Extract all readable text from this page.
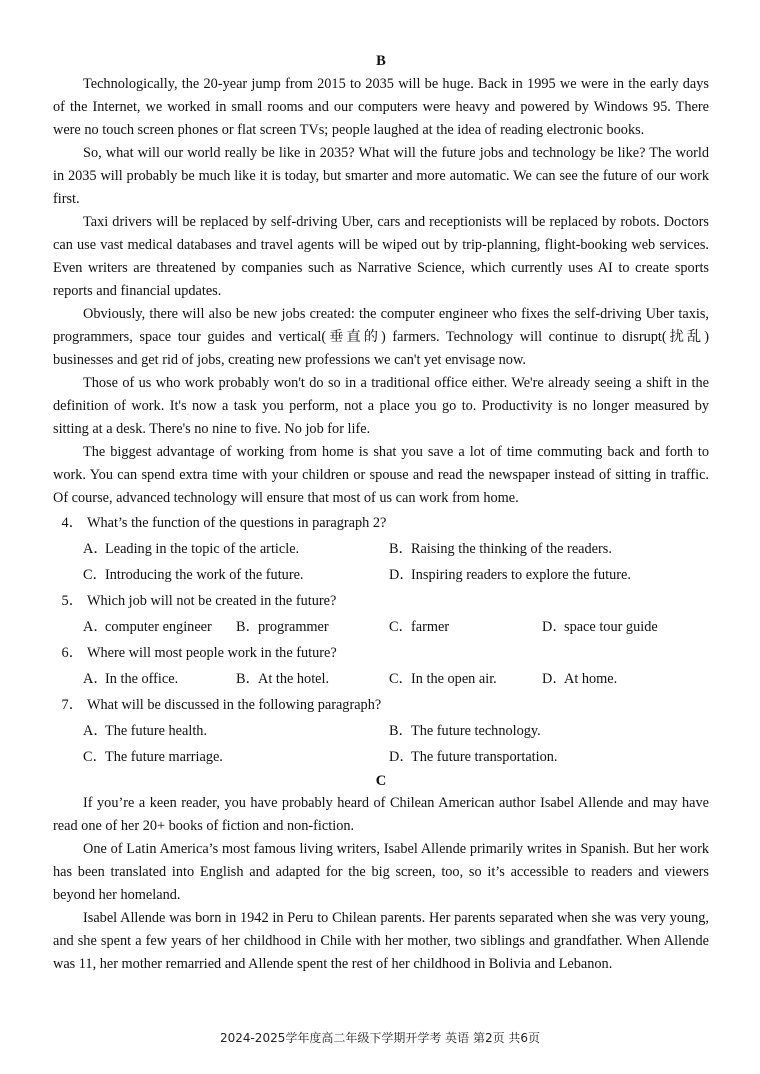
B

Technologically, the 20-year jump from 2015 to 2035 will be huge. Back in 1995 we were in the early days of the Internet, we worked in small rooms and our computers were heavy and powered by Windows 95. There were no touch screen phones or flat screen TVs; people laughed at the idea of reading electronic books.

So, what will our world really be like in 2035? What will the future jobs and technology be like? The world in 2035 will probably be much like it is today, but smarter and more automatic. We can see the future of our work first.

Taxi drivers will be replaced by self-driving Uber, cars and receptionists will be replaced by robots. Doctors can use vast medical databases and travel agents will be wiped out by trip-planning, flight-booking web services. Even writers are threatened by companies such as Narrative Science, which currently uses AI to create sports reports and financial updates.

Obviously, there will also be new jobs created: the computer engineer who fixes the self-driving Uber taxis, programmers, space tour guides and vertical(垂直的) farmers. Technology will continue to disrupt(扰乱) businesses and get rid of jobs, creating new professions we can't yet envisage now.

Those of us who work probably won't do so in a traditional office either. We're already seeing a shift in the definition of work. It's now a task you perform, not a place you go to. Productivity is no longer measured by sitting at a desk. There's no nine to five. No job for life.

The biggest advantage of working from home is shat you save a lot of time commuting back and forth to work. You can spend extra time with your children or spouse and read the newspaper instead of sitting in traffic. Of course, advanced technology will ensure that most of us can work from home.

4． What’s the function of the questions in paragraph 2?
A．Leading in the topic of the article.	B．Raising the thinking of the readers.
C．Introducing the work of the future.	D．Inspiring readers to explore the future.
5． Which job will not be created in the future?
A．computer engineer	B．programmer	C．farmer	D．space tour guide
6． Where will most people work in the future?
A．In the office.	B．At the hotel.	C．In the open air.	D．At home.
7． What will be discussed in the following paragraph?
A．The future health.	B．The future technology.
C．The future marriage.	D．The future transportation.
C

If you’re a keen reader, you have probably heard of Chilean American author Isabel Allende and may have read one of her 20+ books of fiction and non-fiction.

One of Latin America’s most famous living writers, Isabel Allende primarily writes in Spanish. But her work has been translated into English and adapted for the big screen, too, so it’s accessible to readers and viewers beyond her homeland.

Isabel Allende was born in 1942 in Peru to Chilean parents. Her parents separated when she was very young, and she spent a few years of her childhood in Chile with her mother, two siblings and grandfather. When Allende was 11, her mother remarried and Allende spent the rest of her childhood in Bolivia and Lebanon.

2024-2025学年度高二年级下学期开学考 英语 第2页 共6页
